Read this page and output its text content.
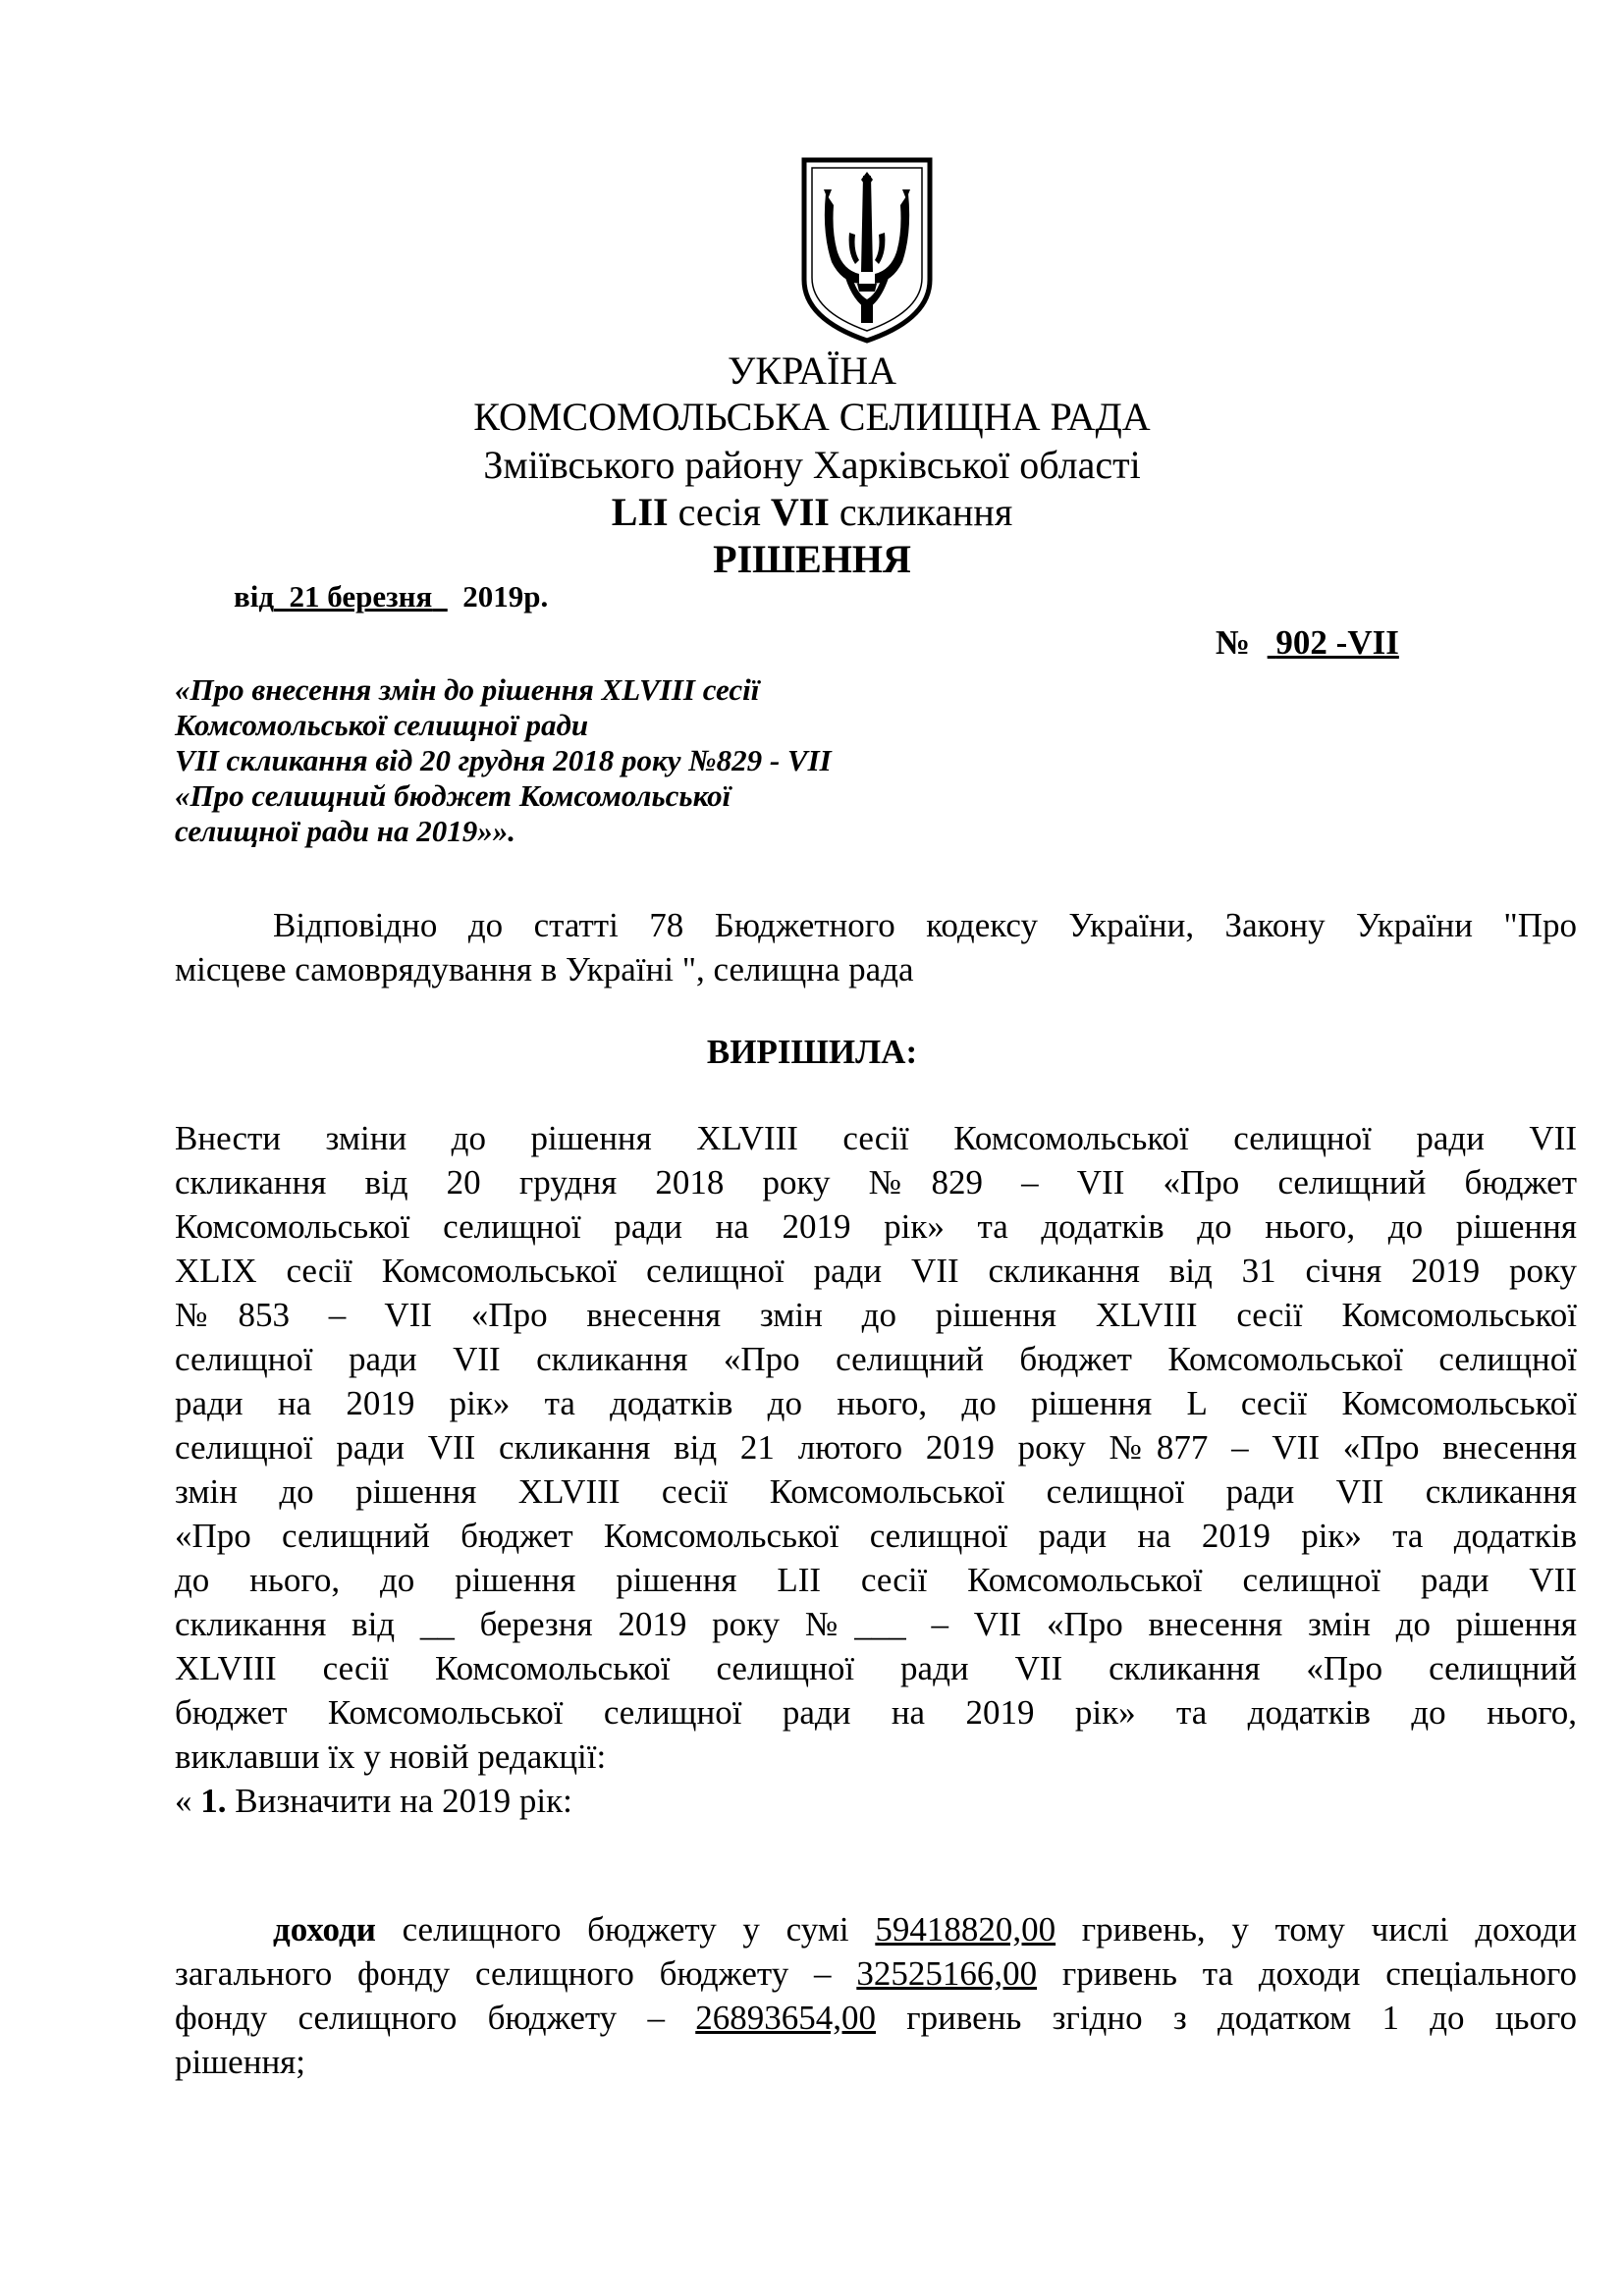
УКРАЇНА
КОМСОМОЛЬСЬКА СЕЛИЩНА РАДА
Зміївського району Харківської області
LII сесія VII скликання
РІШЕННЯ
від 21 березня 2019р.
№ 902 -VII
«Про внесення змін до рішення XLVIII сесії
Комсомольської селищної ради
VII скликання від 20 грудня 2018 року №829 - VII
«Про селищний бюджет Комсомольської
селищної ради на 2019»».
Відповідно до статті 78 Бюджетного кодексу України, Закону України "Про
місцеве самоврядування в Україні ", селищна рада
ВИРІШИЛА:
Внести зміни до рішення XLVIII сесії Комсомольської селищної ради VII
скликання від 20 грудня 2018 року №829 – VII «Про селищний бюджет
Комсомольської селищної ради на 2019 рік» та додатків до нього, до рішення
XLIX сесії Комсомольської селищної ради VII скликання від 31 січня 2019 року
№853 – VII «Про внесення змін до рішення XLVIII сесії Комсомольської
селищної ради VII скликання «Про селищний бюджет Комсомольської селищної
ради на 2019 рік» та додатків до нього, до рішення L сесії Комсомольської
селищної ради VII скликання від 21 лютого 2019 року №877 – VII «Про внесення
змін до рішення XLVIII сесії Комсомольської селищної ради VII скликання
«Про селищний бюджет Комсомольської селищної ради на 2019 рік» та додатків
до нього, до рішення рішення LII сесії Комсомольської селищної ради VII
скликання від __ березня 2019 року №___ – VII «Про внесення змін до рішення
XLVIII сесії Комсомольської селищної ради VII скликання «Про селищний
бюджет Комсомольської селищної ради на 2019 рік» та додатків до нього,
виклавши їх у новій редакції:
« 1. Визначити на 2019 рік:
доходи селищного бюджету у сумі 59418820,00 гривень, у тому числі доходи
загального фонду селищного бюджету – 32525166,00 гривень та доходи спеціального
фонду селищного бюджету – 26893654,00 гривень згідно з додатком 1 до цього
рішення;
